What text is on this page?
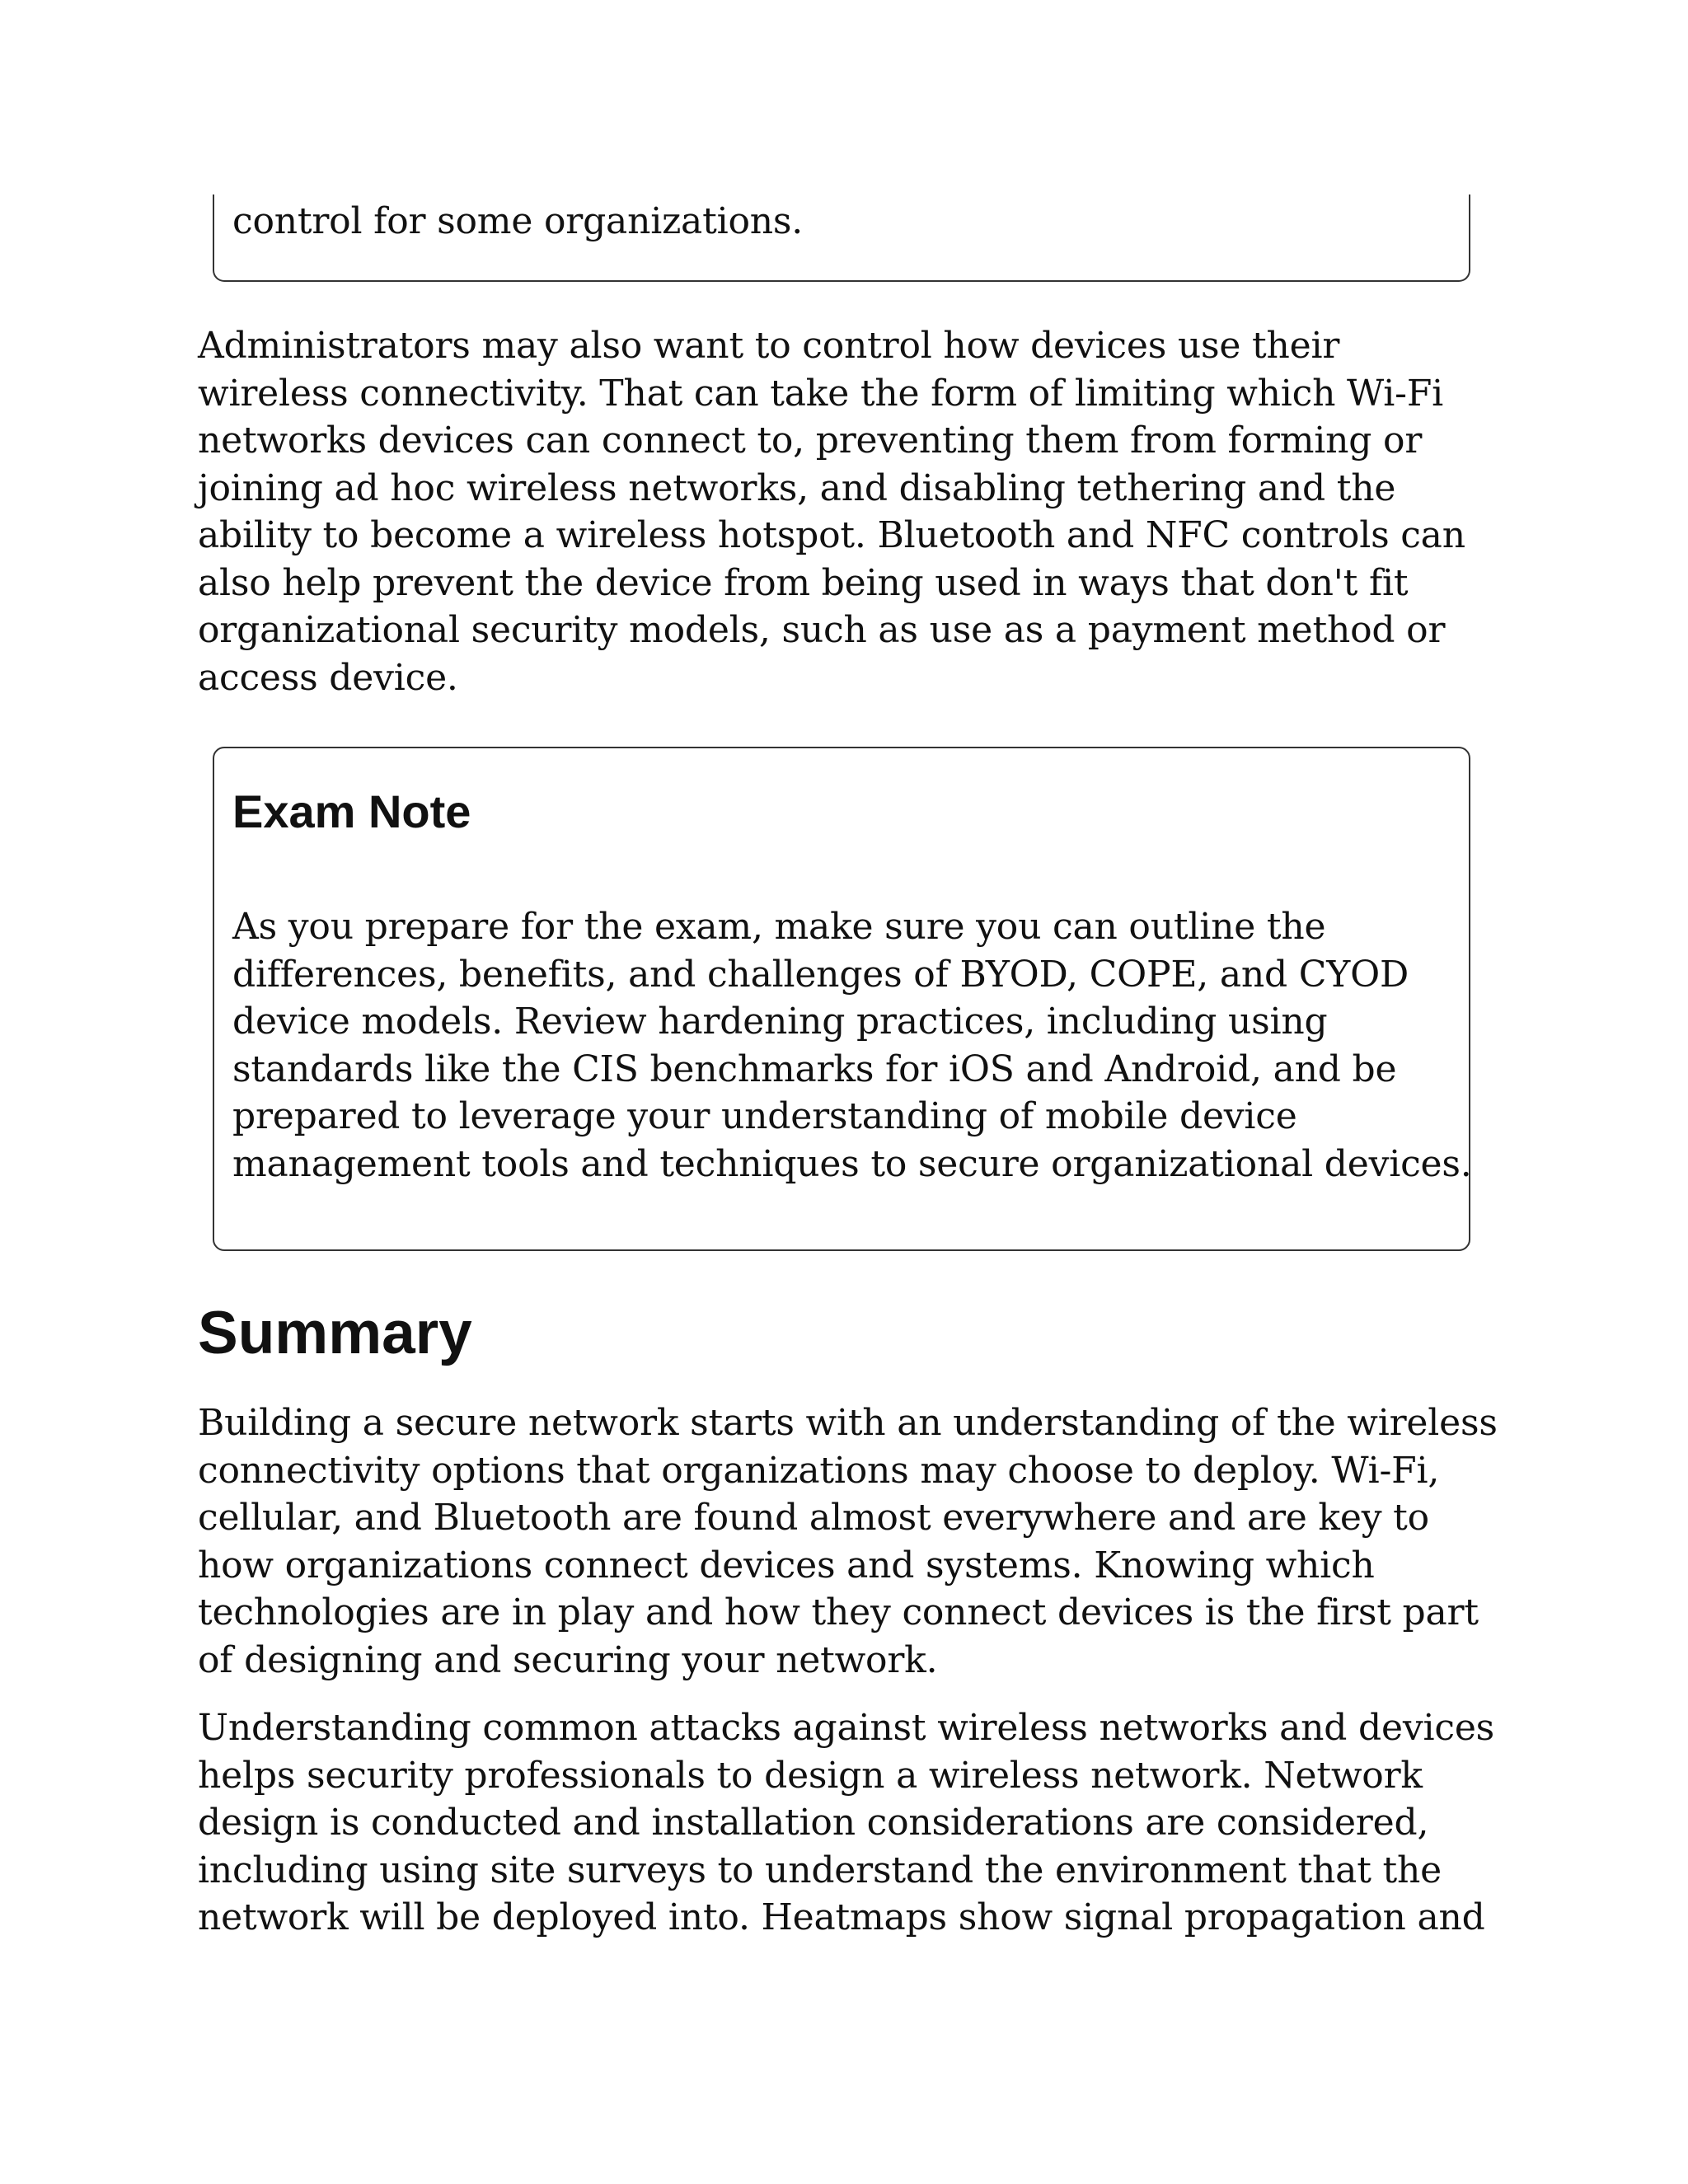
control for some organizations.
Administrators may also want to control how devices use their
wireless connectivity. That can take the form of limiting which Wi-Fi
networks devices can connect to, preventing them from forming or
joining ad hoc wireless networks, and disabling tethering and the
ability to become a wireless hotspot. Bluetooth and NFC controls can
also help prevent the device from being used in ways that don't fit
organizational security models, such as use as a payment method or
access device.
Exam Note
As you prepare for the exam, make sure you can outline the
differences, benefits, and challenges of BYOD, COPE, and CYOD
device models. Review hardening practices, including using
standards like the CIS benchmarks for iOS and Android, and be
prepared to leverage your understanding of mobile device
management tools and techniques to secure organizational devices.
Summary
Building a secure network starts with an understanding of the wireless
connectivity options that organizations may choose to deploy. Wi-Fi,
cellular, and Bluetooth are found almost everywhere and are key to
how organizations connect devices and systems. Knowing which
technologies are in play and how they connect devices is the first part
of designing and securing your network.
Understanding common attacks against wireless networks and devices
helps security professionals to design a wireless network. Network
design is conducted and installation considerations are considered,
including using site surveys to understand the environment that the
network will be deployed into. Heatmaps show signal propagation and
